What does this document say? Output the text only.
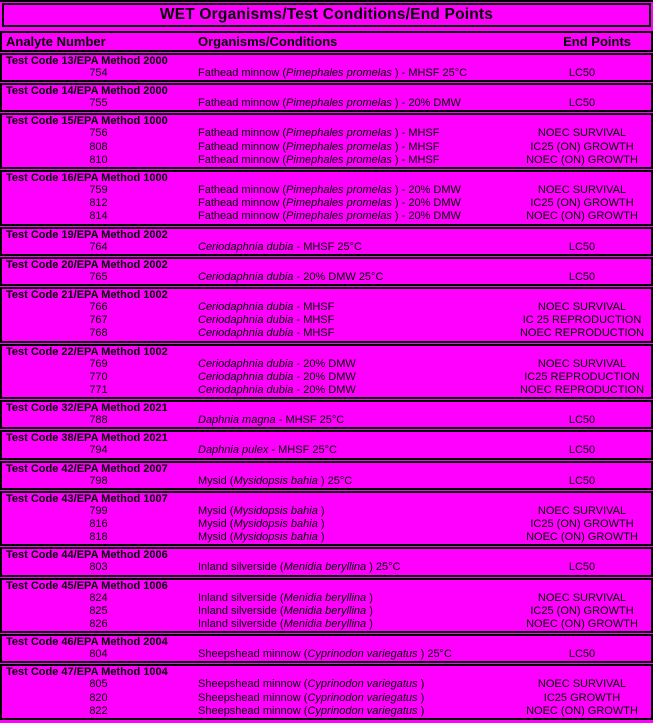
WET Organisms/Test Conditions/End Points
Analyte Number	Organisms/Conditions	End Points
Test Code 13/EPA Method 2000
754	Fathead minnow (Pimephales promelas ) - MHSF 25°C	LC50
Test Code 14/EPA Method 2000
755	Fathead minnow (Pimephales promelas ) - 20% DMW	LC50
Test Code 15/EPA Method 1000
756	Fathead minnow (Pimephales promelas ) - MHSF	NOEC SURVIVAL
808	Fathead minnow (Pimephales promelas ) - MHSF	IC25 (ON) GROWTH
810	Fathead minnow (Pimephales promelas ) - MHSF	NOEC (ON) GROWTH
Test Code 16/EPA Method 1000
759	Fathead minnow (Pimephales promelas ) - 20% DMW	NOEC SURVIVAL
812	Fathead minnow (Pimephales promelas ) - 20% DMW	IC25 (ON) GROWTH
814	Fathead minnow (Pimephales promelas ) - 20% DMW	NOEC (ON) GROWTH
Test Code 19/EPA Method 2002
764	Ceriodaphnia dubia - MHSF 25°C	LC50
Test Code 20/EPA Method 2002
765	Ceriodaphnia dubia - 20% DMW 25°C	LC50
Test Code 21/EPA Method 1002
766	Ceriodaphnia dubia - MHSF	NOEC SURVIVAL
767	Ceriodaphnia dubia - MHSF	IC 25 REPRODUCTION
768	Ceriodaphnia dubia - MHSF	NOEC REPRODUCTION
Test Code 22/EPA Method 1002
769	Ceriodaphnia dubia - 20% DMW	NOEC SURVIVAL
770	Ceriodaphnia dubia - 20% DMW	IC25 REPRODUCTION
771	Ceriodaphnia dubia - 20% DMW	NOEC REPRODUCTION
Test Code 32/EPA Method 2021
788	Daphnia magna - MHSF 25°C	LC50
Test Code 38/EPA Method 2021
794	Daphnia pulex - MHSF 25°C	LC50
Test Code 42/EPA Method 2007
798	Mysid (Mysidopsis bahia ) 25°C	LC50
Test Code 43/EPA Method 1007
799	Mysid (Mysidopsis bahia )	NOEC SURVIVAL
816	Mysid (Mysidopsis bahia )	IC25 (ON) GROWTH
818	Mysid (Mysidopsis bahia )	NOEC (ON) GROWTH
Test Code 44/EPA Method 2006
803	Inland silverside (Menidia beryllina ) 25°C	LC50
Test Code 45/EPA Method 1006
824	Inland silverside (Menidia beryllina )	NOEC SURVIVAL
825	Inland silverside (Menidia beryllina )	IC25 (ON) GROWTH
826	Inland silverside (Menidia beryllina )	NOEC (ON) GROWTH
Test Code 46/EPA Method 2004
804	Sheepshead minnow (Cyprinodon variegatus ) 25°C	LC50
Test Code 47/EPA Method 1004
805	Sheepshead minnow (Cyprinodon variegatus )	NOEC SURVIVAL
820	Sheepshead minnow (Cyprinodon variegatus )	IC25 GROWTH
822	Sheepshead minnow (Cyprinodon variegatus )	NOEC (ON) GROWTH
